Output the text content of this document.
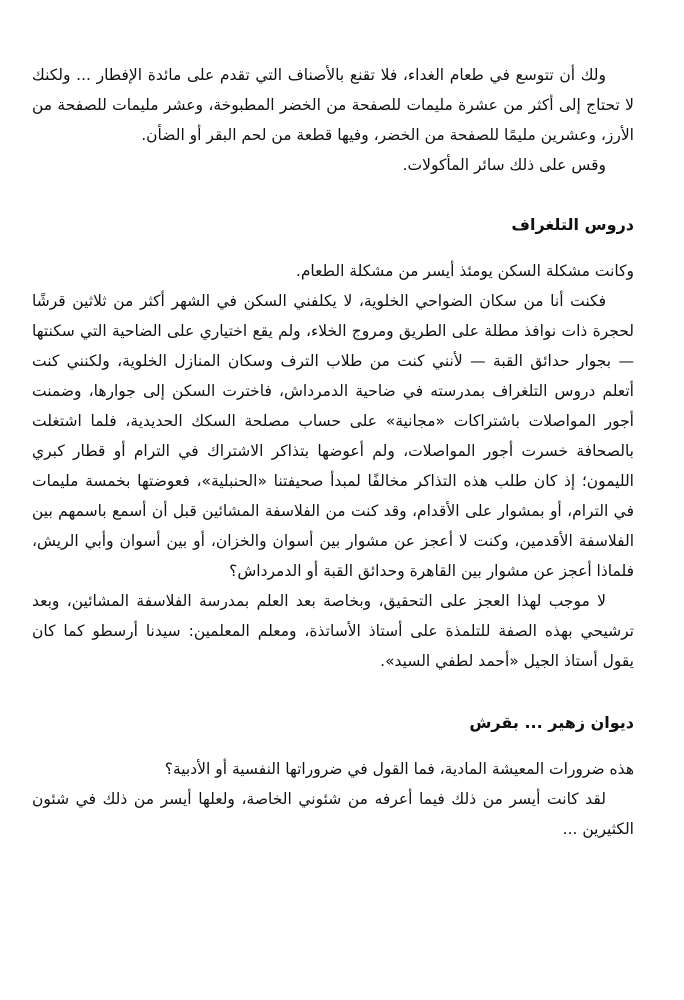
ولك أن تتوسع في طعام الغداء، فلا تقنع بالأصناف التي تقدم على مائدة الإفطار ... ولكنك لا تحتاج إلى أكثر من عشرة مليمات للصفحة من الخضر المطبوخة، وعشر مليمات للصفحة من الأرز، وعشرين مليمًا للصفحة من الخضر، وفيها قطعة من لحم البقر أو الضأن.

وقس على ذلك سائر المأكولات.

دروس التلغراف

وكانت مشكلة السكن يومئذ أيسر من مشكلة الطعام.

فكنت أنا من سكان الضواحي الخلوية، لا يكلفني السكن في الشهر أكثر من ثلاثين قرشًا لحجرة ذات نوافذ مطلة على الطريق ومروج الخلاء، ولم يقع اختياري على الضاحية التي سكنتها — بجوار حدائق القبة — لأنني كنت من طلاب الترف وسكان المنازل الخلوية، ولكنني كنت أتعلم دروس التلغراف بمدرسته في ضاحية الدمرداش، فاخترت السكن إلى جوارها، وضمنت أجور المواصلات باشتراكات «مجانية» على حساب مصلحة السكك الحديدية، فلما اشتغلت بالصحافة خسرت أجور المواصلات، ولم أعوضها بتذاكر الاشتراك في الترام أو قطار كبري الليمون؛ إذ كان طلب هذه التذاكر مخالفًا لمبدأ صحيفتنا «الحنبلية»، فعوضتها بخمسة مليمات في الترام، أو بمشوار على الأقدام، وقد كنت من الفلاسفة المشائين قبل أن أسمع باسمهم بين الفلاسفة الأقدمين، وكنت لا أعجز عن مشوار بين أسوان والخزان، أو بين أسوان وأبي الريش، فلماذا أعجز عن مشوار بين القاهرة وحدائق القبة أو الدمرداش؟

لا موجب لهذا العجز على التحقيق، وبخاصة بعد العلم بمدرسة الفلاسفة المشائين، وبعد ترشيحي بهذه الصفة للتلمذة على أستاذ الأساتذة، ومعلم المعلمين: سيدنا أرسطو كما كان يقول أستاذ الجيل «أحمد لطفي السيد».

ديوان زهير ... بقرش

هذه ضرورات المعيشة المادية، فما القول في ضروراتها النفسية أو الأدبية؟

لقد كانت أيسر من ذلك فيما أعرفه من شئوني الخاصة، ولعلها أيسر من ذلك في شئون الكثيرين ...
